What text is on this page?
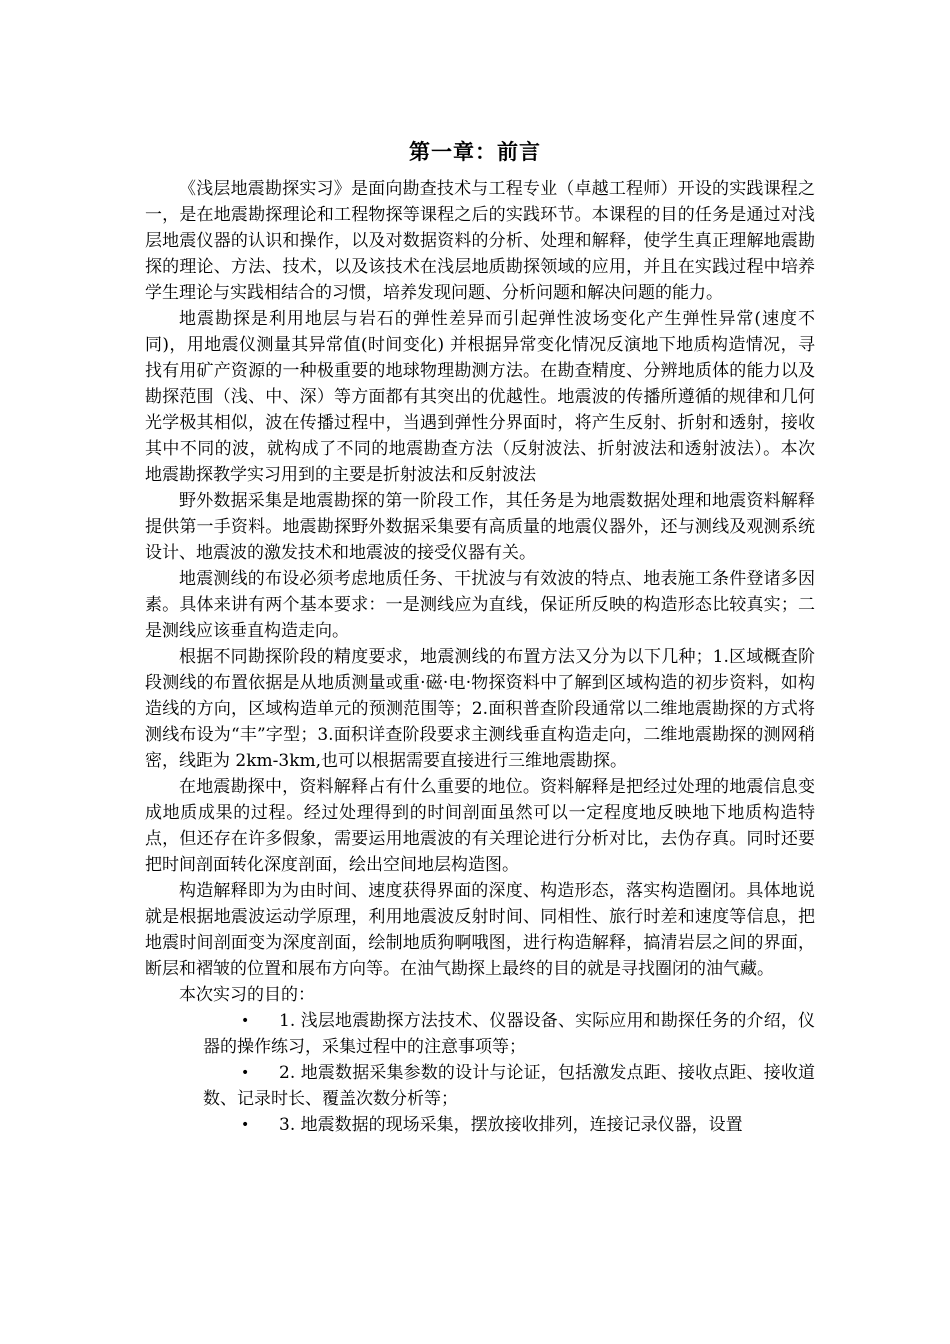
第一章：前言

《浅层地震勘探实习》是面向勘查技术与工程专业（卓越工程师）开设的实践课程之一，是在地震勘探理论和工程物探等课程之后的实践环节。本课程的目的任务是通过对浅层地震仪器的认识和操作，以及对数据资料的分析、处理和解释，使学生真正理解地震勘探的理论、方法、技术，以及该技术在浅层地质勘探领域的应用，并且在实践过程中培养学生理论与实践相结合的习惯，培养发现问题、分析问题和解决问题的能力。

地震勘探是利用地层与岩石的弹性差异而引起弹性波场变化产生弹性异常(速度不同)，用地震仪测量其异常值(时间变化) 并根据异常变化情况反演地下地质构造情况，寻找有用矿产资源的一种极重要的地球物理勘测方法。在勘查精度、分辨地质体的能力以及勘探范围（浅、中、深）等方面都有其突出的优越性。地震波的传播所遵循的规律和几何光学极其相似，波在传播过程中，当遇到弹性分界面时，将产生反射、折射和透射，接收其中不同的波，就构成了不同的地震勘查方法（反射波法、折射波法和透射波法）。本次地震勘探教学实习用到的主要是折射波法和反射波法

野外数据采集是地震勘探的第一阶段工作，其任务是为地震数据处理和地震资料解释提供第一手资料。地震勘探野外数据采集要有高质量的地震仪器外，还与测线及观测系统设计、地震波的激发技术和地震波的接受仪器有关。

地震测线的布设必须考虑地质任务、干扰波与有效波的特点、地表施工条件登诸多因素。具体来讲有两个基本要求：一是测线应为直线，保证所反映的构造形态比较真实；二是测线应该垂直构造走向。

根据不同勘探阶段的精度要求，地震测线的布置方法又分为以下几种；1.区域概查阶段测线的布置依据是从地质测量或重·磁·电·物探资料中了解到区域构造的初步资料，如构造线的方向，区域构造单元的预测范围等；2.面积普查阶段通常以二维地震勘探的方式将测线布设为“丰”字型；3.面积详查阶段要求主测线垂直构造走向，二维地震勘探的测网稍密，线距为 2km-3km,也可以根据需要直接进行三维地震勘探。

在地震勘探中，资料解释占有什么重要的地位。资料解释是把经过处理的地震信息变成地质成果的过程。经过处理得到的时间剖面虽然可以一定程度地反映地下地质构造特点，但还存在许多假象，需要运用地震波的有关理论进行分析对比，去伪存真。同时还要把时间剖面转化深度剖面，绘出空间地层构造图。

构造解释即为为由时间、速度获得界面的深度、构造形态，落实构造圈闭。具体地说就是根据地震波运动学原理，利用地震波反射时间、同相性、旅行时差和速度等信息，把地震时间剖面变为深度剖面，绘制地质狗啊哦图，进行构造解释，搞清岩层之间的界面，断层和褶皱的位置和展布方向等。在油气勘探上最终的目的就是寻找圈闭的油气藏。

本次实习的目的：

• 1. 浅层地震勘探方法技术、仪器设备、实际应用和勘探任务的介绍，仪器的操作练习，采集过程中的注意事项等；
• 2. 地震数据采集参数的设计与论证，包括激发点距、接收点距、接收道数、记录时长、覆盖次数分析等；
• 3. 地震数据的现场采集，摆放接收排列，连接记录仪器，设置
